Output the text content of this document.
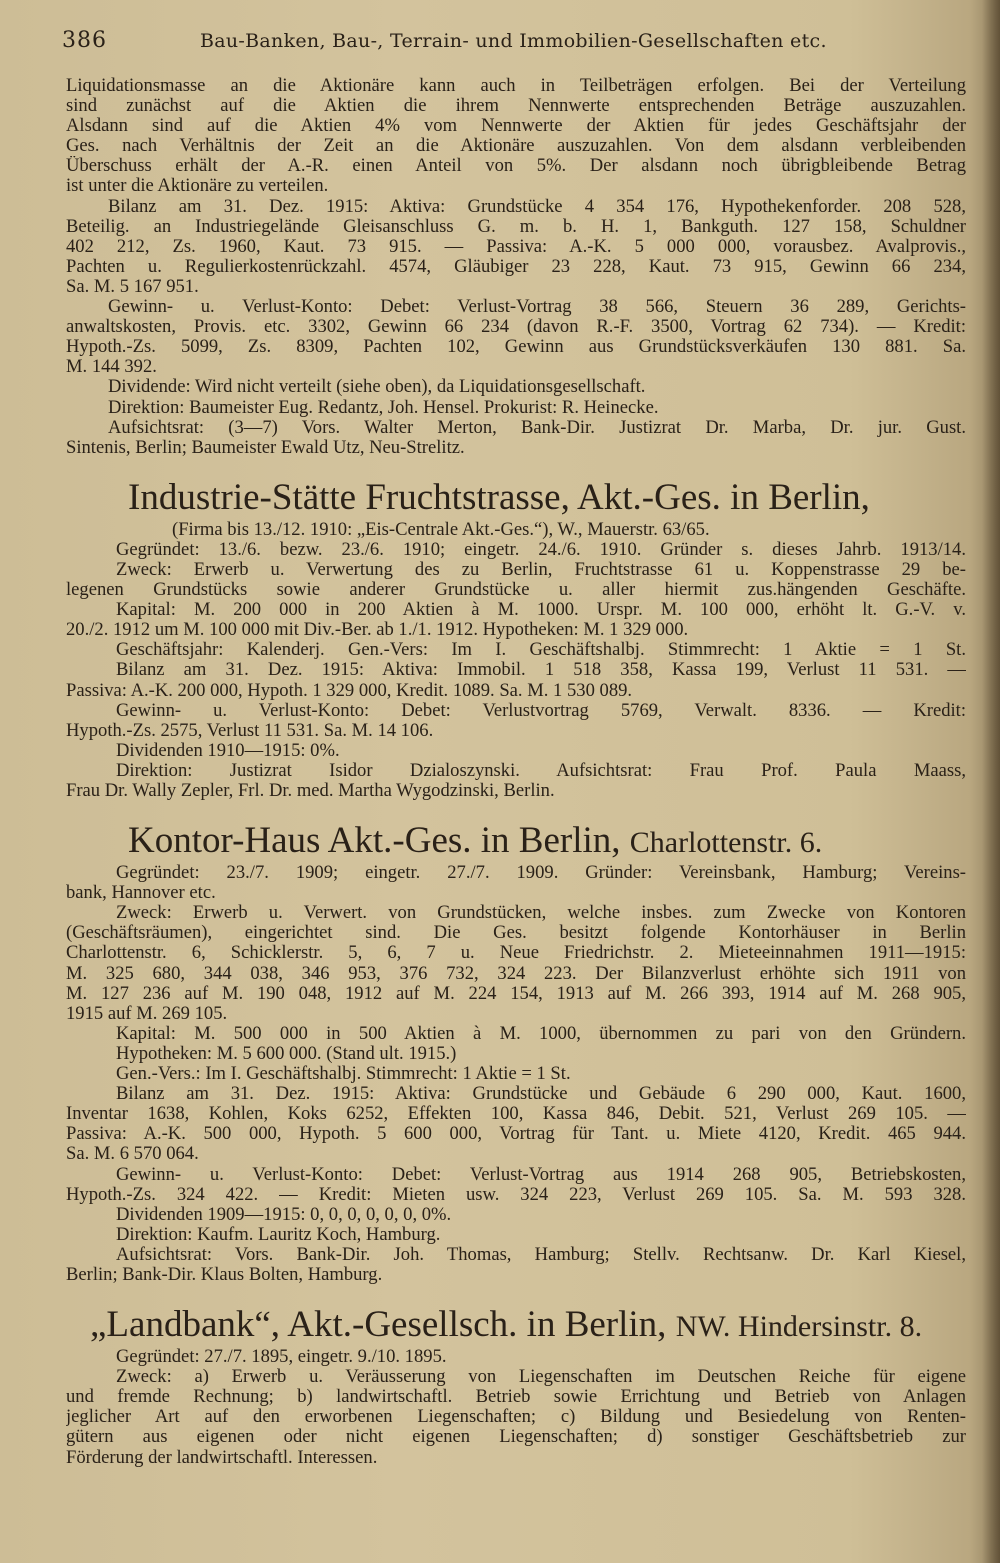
386	Bau-Banken, Bau-, Terrain- und Immobilien-Gesellschaften etc.
Liquidationsmasse an die Aktionäre kann auch in Teilbeträgen erfolgen. Bei der Verteilung
sind zunächst auf die Aktien die ihrem Nennwerte entsprechenden Beträge auszuzahlen.
Alsdann sind auf die Aktien 4% vom Nennwerte der Aktien für jedes Geschäftsjahr der
Ges. nach Verhältnis der Zeit an die Aktionäre auszuzahlen. Von dem alsdann verbleibenden
Überschuss erhält der A.-R. einen Anteil von 5%. Der alsdann noch übrigbleibende Betrag
ist unter die Aktionäre zu verteilen.
Bilanz am 31. Dez. 1915: Aktiva: Grundstücke 4 354 176, Hypothekenforder. 208 528,
Beteilig. an Industriegelände Gleisanschluss G. m. b. H. 1, Bankguth. 127 158, Schuldner
402 212, Zs. 1960, Kaut. 73 915. — Passiva: A.-K. 5 000 000, vorausbez. Avalprovis.,
Pachten u. Regulierkostenrückzahl. 4574, Gläubiger 23 228, Kaut. 73 915, Gewinn 66 234,
Sa. M. 5 167 951.
Gewinn- u. Verlust-Konto: Debet: Verlust-Vortrag 38 566, Steuern 36 289, Gerichts-
anwaltskosten, Provis. etc. 3302, Gewinn 66 234 (davon R.-F. 3500, Vortrag 62 734). — Kredit:
Hypoth.-Zs. 5099, Zs. 8309, Pachten 102, Gewinn aus Grundstücksverkäufen 130 881. Sa.
M. 144 392.
Dividende: Wird nicht verteilt (siehe oben), da Liquidationsgesellschaft.
Direktion: Baumeister Eug. Redantz, Joh. Hensel. Prokurist: R. Heinecke.
Aufsichtsrat: (3—7) Vors. Walter Merton, Bank-Dir. Justizrat Dr. Marba, Dr. jur. Gust.
Sintenis, Berlin; Baumeister Ewald Utz, Neu-Strelitz.
Industrie-Stätte Fruchtstrasse, Akt.-Ges. in Berlin,
(Firma bis 13./12. 1910: „Eis-Centrale Akt.-Ges.“), W., Mauerstr. 63/65.
Gegründet: 13./6. bezw. 23./6. 1910; eingetr. 24./6. 1910. Gründer s. dieses Jahrb. 1913/14.
Zweck: Erwerb u. Verwertung des zu Berlin, Fruchtstrasse 61 u. Koppenstrasse 29 be-
legenen Grundstücks sowie anderer Grundstücke u. aller hiermit zus.hängenden Geschäfte.
Kapital: M. 200 000 in 200 Aktien à M. 1000. Urspr. M. 100 000, erhöht lt. G.-V. v.
20./2. 1912 um M. 100 000 mit Div.-Ber. ab 1./1. 1912. Hypotheken: M. 1 329 000.
Geschäftsjahr: Kalenderj. Gen.-Vers: Im I. Geschäftshalbj. Stimmrecht: 1 Aktie = 1 St.
Bilanz am 31. Dez. 1915: Aktiva: Immobil. 1 518 358, Kassa 199, Verlust 11 531. —
Passiva: A.-K. 200 000, Hypoth. 1 329 000, Kredit. 1089. Sa. M. 1 530 089.
Gewinn- u. Verlust-Konto: Debet: Verlustvortrag 5769, Verwalt. 8336. — Kredit:
Hypoth.-Zs. 2575, Verlust 11 531. Sa. M. 14 106.
Dividenden 1910—1915: 0%.
Direktion: Justizrat Isidor Dzialoszynski. Aufsichtsrat: Frau Prof. Paula Maass,
Frau Dr. Wally Zepler, Frl. Dr. med. Martha Wygodzinski, Berlin.
Kontor-Haus Akt.-Ges. in Berlin, Charlottenstr. 6.
Gegründet: 23./7. 1909; eingetr. 27./7. 1909. Gründer: Vereinsbank, Hamburg; Vereins-
bank, Hannover etc.
Zweck: Erwerb u. Verwert. von Grundstücken, welche insbes. zum Zwecke von Kontoren
(Geschäftsräumen), eingerichtet sind. Die Ges. besitzt folgende Kontorhäuser in Berlin
Charlottenstr. 6, Schicklerstr. 5, 6, 7 u. Neue Friedrichstr. 2. Mieteeinnahmen 1911—1915:
M. 325 680, 344 038, 346 953, 376 732, 324 223. Der Bilanzverlust erhöhte sich 1911 von
M. 127 236 auf M. 190 048, 1912 auf M. 224 154, 1913 auf M. 266 393, 1914 auf M. 268 905,
1915 auf M. 269 105.
Kapital: M. 500 000 in 500 Aktien à M. 1000, übernommen zu pari von den Gründern.
Hypotheken: M. 5 600 000. (Stand ult. 1915.)
Gen.-Vers.: Im I. Geschäftshalbj. Stimmrecht: 1 Aktie = 1 St.
Bilanz am 31. Dez. 1915: Aktiva: Grundstücke und Gebäude 6 290 000, Kaut. 1600,
Inventar 1638, Kohlen, Koks 6252, Effekten 100, Kassa 846, Debit. 521, Verlust 269 105. —
Passiva: A.-K. 500 000, Hypoth. 5 600 000, Vortrag für Tant. u. Miete 4120, Kredit. 465 944.
Sa. M. 6 570 064.
Gewinn- u. Verlust-Konto: Debet: Verlust-Vortrag aus 1914 268 905, Betriebskosten,
Hypoth.-Zs. 324 422. — Kredit: Mieten usw. 324 223, Verlust 269 105. Sa. M. 593 328.
Dividenden 1909—1915: 0, 0, 0, 0, 0, 0, 0%.
Direktion: Kaufm. Lauritz Koch, Hamburg.
Aufsichtsrat: Vors. Bank-Dir. Joh. Thomas, Hamburg; Stellv. Rechtsanw. Dr. Karl Kiesel,
Berlin; Bank-Dir. Klaus Bolten, Hamburg.
„Landbank“, Akt.-Gesellsch. in Berlin, NW. Hindersinstr. 8.
Gegründet: 27./7. 1895, eingetr. 9./10. 1895.
Zweck: a) Erwerb u. Veräusserung von Liegenschaften im Deutschen Reiche für eigene
und fremde Rechnung; b) landwirtschaftl. Betrieb sowie Errichtung und Betrieb von Anlagen
jeglicher Art auf den erworbenen Liegenschaften; c) Bildung und Besiedelung von Renten-
gütern aus eigenen oder nicht eigenen Liegenschaften; d) sonstiger Geschäftsbetrieb zur
Förderung der landwirtschaftl. Interessen.
